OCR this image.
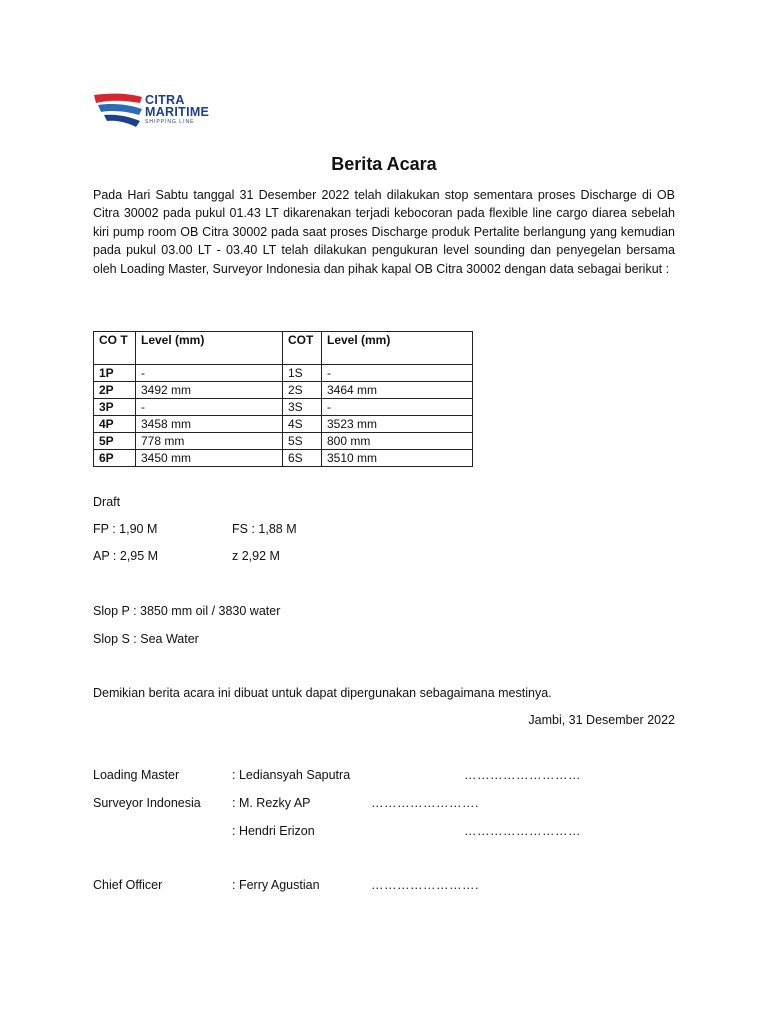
CITRA
MARITIME
SHIPPING LINE
Berita Acara
Pada Hari Sabtu tanggal 31 Desember 2022 telah dilakukan stop sementara proses Discharge di OB Citra 30002 pada pukul 01.43 LT dikarenakan terjadi kebocoran pada flexible line cargo diarea sebelah kiri pump room OB Citra 30002 pada saat proses Discharge produk Pertalite berlangung yang kemudian pada pukul 03.00 LT - 03.40 LT telah dilakukan pengukuran level sounding dan penyegelan bersama oleh Loading Master, Surveyor Indonesia dan pihak kapal OB Citra 30002 dengan data sebagai berikut :
CO T	Level (mm)	COT	Level (mm)
1P	-	1S	-
2P	3492 mm	2S	3464 mm
3P	-	3S	-
4P	3458 mm	4S	3523 mm
5P	778 mm	5S	800 mm
6P	3450 mm	6S	3510 mm
Draft
FP : 1,90 M	FS : 1,88 M
AP : 2,95 M	z 2,92 M
Slop P : 3850 mm oil / 3830 water
Slop S : Sea Water
Demikian berita acara ini dibuat untuk dapat dipergunakan sebagaimana mestinya.
Jambi, 31 Desember 2022
Loading Master	: Lediansyah Saputra	………………………
Surveyor Indonesia	: M. Rezky AP	…………………….
: Hendri Erizon	………………………
Chief Officer	: Ferry Agustian	…………………….
